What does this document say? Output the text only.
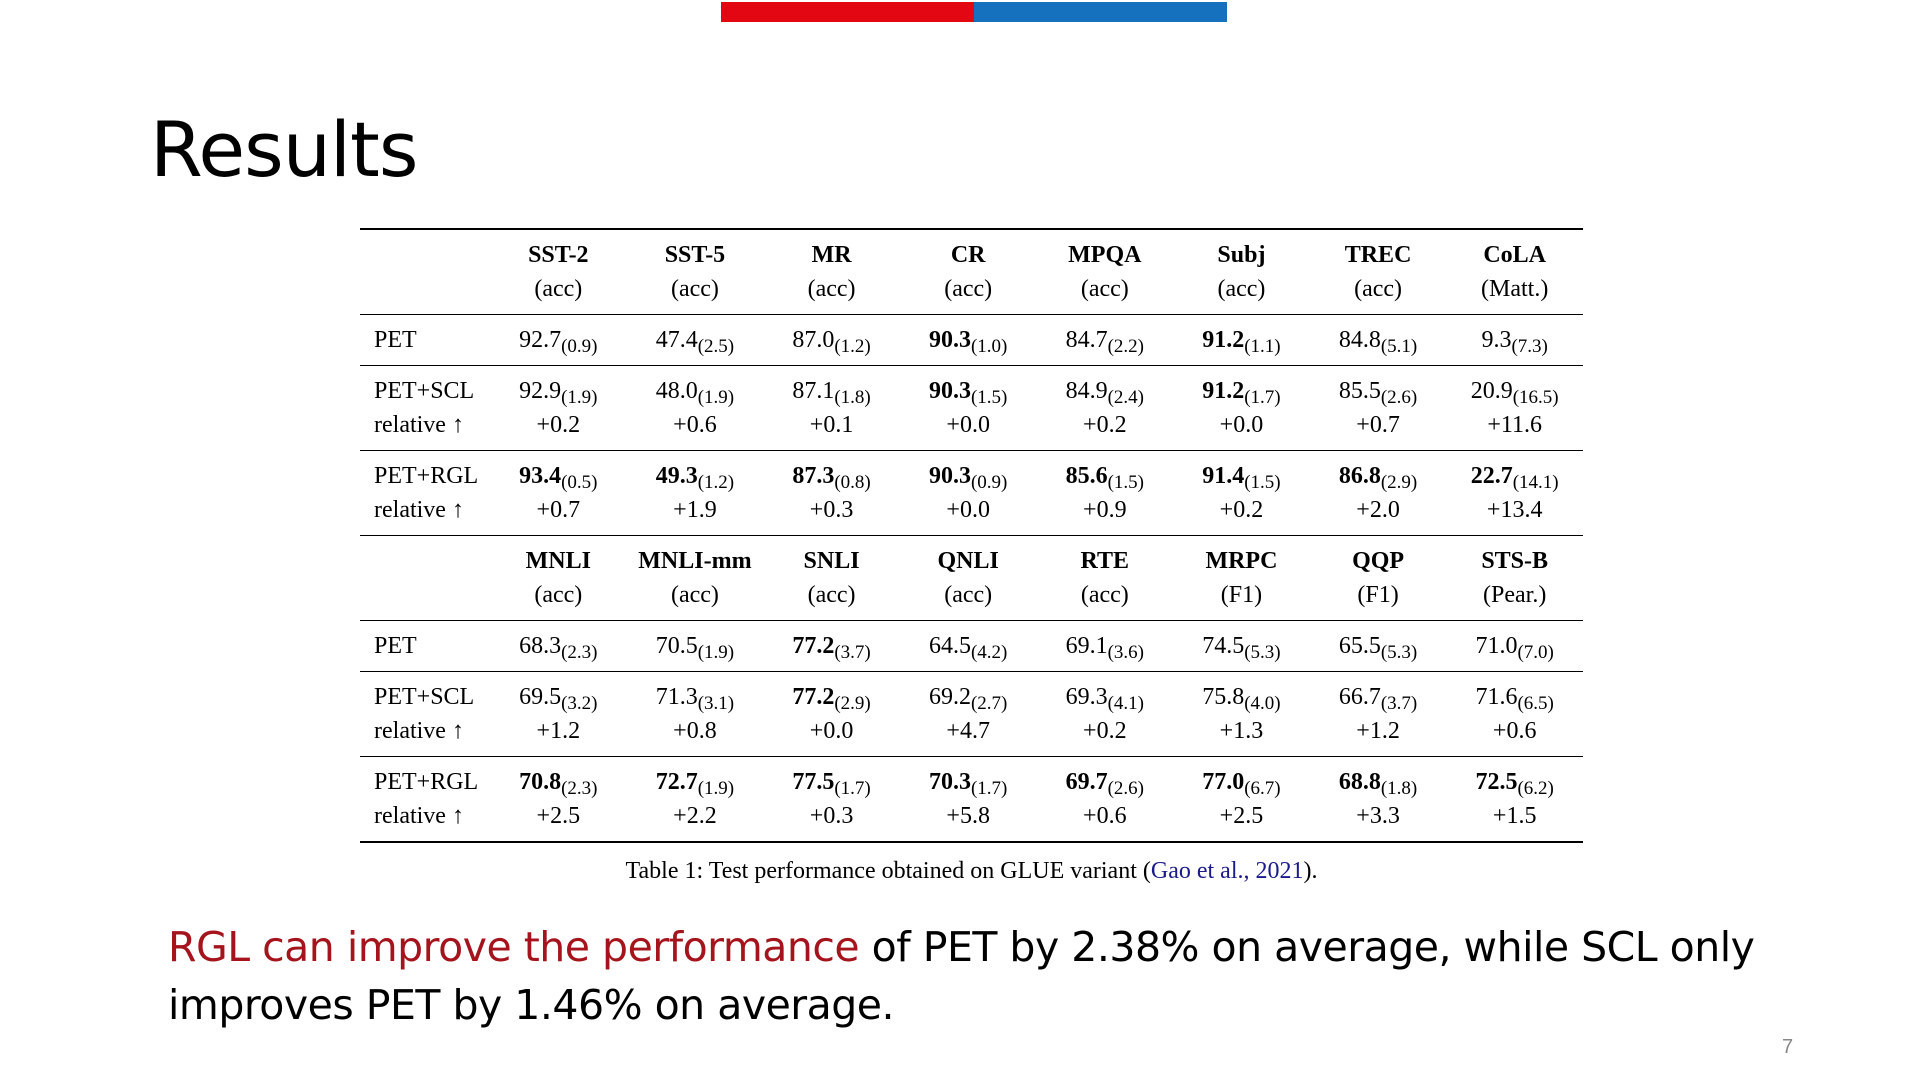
Results
	SST-2	SST-5	MR	CR	MPQA	Subj	TREC	CoLA
	(acc)	(acc)	(acc)	(acc)	(acc)	(acc)	(acc)	(Matt.)
PET	$92.7_{(0.9)}$	$47.4_{(2.5)}$	$87.0_{(1.2)}$	$90.3_{(1.0)}$	$84.7_{(2.2)}$	$91.2_{(1.1)}$	$84.8_{(5.1)}$	$9.3_{(7.3)}$
PET+SCL	$92.9_{(1.9)}$	$48.0_{(1.9)}$	$87.1_{(1.8)}$	$90.3_{(1.5)}$	$84.9_{(2.4)}$	$91.2_{(1.7)}$	$85.5_{(2.6)}$	$20.9_{(16.5)}$
relative ↑	+0.2	+0.6	+0.1	+0.0	+0.2	+0.0	+0.7	+11.6
PET+RGL	$93.4_{(0.5)}$	$49.3_{(1.2)}$	$87.3_{(0.8)}$	$90.3_{(0.9)}$	$85.6_{(1.5)}$	$91.4_{(1.5)}$	$86.8_{(2.9)}$	$22.7_{(14.1)}$
relative ↑	+0.7	+1.9	+0.3	+0.0	+0.9	+0.2	+2.0	+13.4
	MNLI	MNLI-mm	SNLI	QNLI	RTE	MRPC	QQP	STS-B
	(acc)	(acc)	(acc)	(acc)	(acc)	(F1)	(F1)	(Pear.)
PET	$68.3_{(2.3)}$	$70.5_{(1.9)}$	$77.2_{(3.7)}$	$64.5_{(4.2)}$	$69.1_{(3.6)}$	$74.5_{(5.3)}$	$65.5_{(5.3)}$	$71.0_{(7.0)}$
PET+SCL	$69.5_{(3.2)}$	$71.3_{(3.1)}$	$77.2_{(2.9)}$	$69.2_{(2.7)}$	$69.3_{(4.1)}$	$75.8_{(4.0)}$	$66.7_{(3.7)}$	$71.6_{(6.5)}$
relative ↑	+1.2	+0.8	+0.0	+4.7	+0.2	+1.3	+1.2	+0.6
PET+RGL	$70.8_{(2.3)}$	$72.7_{(1.9)}$	$77.5_{(1.7)}$	$70.3_{(1.7)}$	$69.7_{(2.6)}$	$77.0_{(6.7)}$	$68.8_{(1.8)}$	$72.5_{(6.2)}$
relative ↑	+2.5	+2.2	+0.3	+5.8	+0.6	+2.5	+3.3	+1.5
Table 1: Test performance obtained on GLUE variant (Gao et al., 2021).
RGL can improve the performance of PET by 2.38% on average, while SCL only improves PET by 1.46% on average.
7
